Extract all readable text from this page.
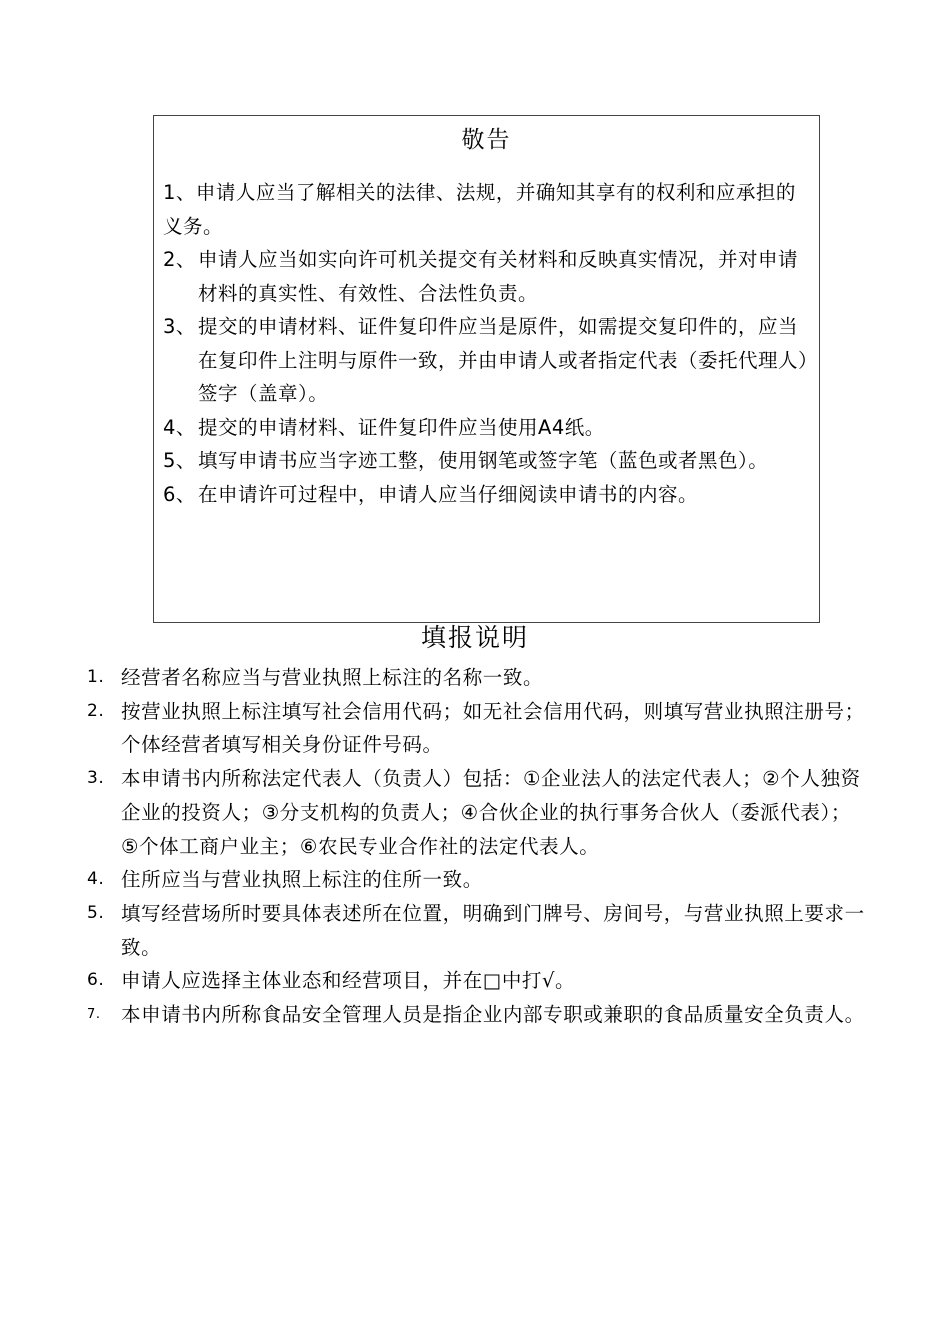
敬告
1、申请人应当了解相关的法律、法规，并确知其享有的权利和应承担的义务。
2、 申请人应当如实向许可机关提交有关材料和反映真实情况，并对申请材料的真实性、有效性、合法性负责。
3、 提交的申请材料、证件复印件应当是原件，如需提交复印件的，应当在复印件上注明与原件一致，并由申请人或者指定代表（委托代理人）签字（盖章）。
4、 提交的申请材料、证件复印件应当使用A4纸。
5、 填写申请书应当字迹工整，使用钢笔或签字笔（蓝色或者黑色）。
6、 在申请许可过程中，申请人应当仔细阅读申请书的内容。
填报说明
1. 经营者名称应当与营业执照上标注的名称一致。
2. 按营业执照上标注填写社会信用代码；如无社会信用代码，则填写营业执照注册号；个体经营者填写相关身份证件号码。
3. 本申请书内所称法定代表人（负责人）包括：①企业法人的法定代表人；②个人独资企业的投资人；③分支机构的负责人；④合伙企业的执行事务合伙人（委派代表）；⑤个体工商户业主；⑥农民专业合作社的法定代表人。
4. 住所应当与营业执照上标注的住所一致。
5. 填写经营场所时要具体表述所在位置，明确到门牌号、房间号，与营业执照上要求一致。
6. 申请人应选择主体业态和经营项目，并在□中打√。
7. 本申请书内所称食品安全管理人员是指企业内部专职或兼职的食品质量安全负责人。
